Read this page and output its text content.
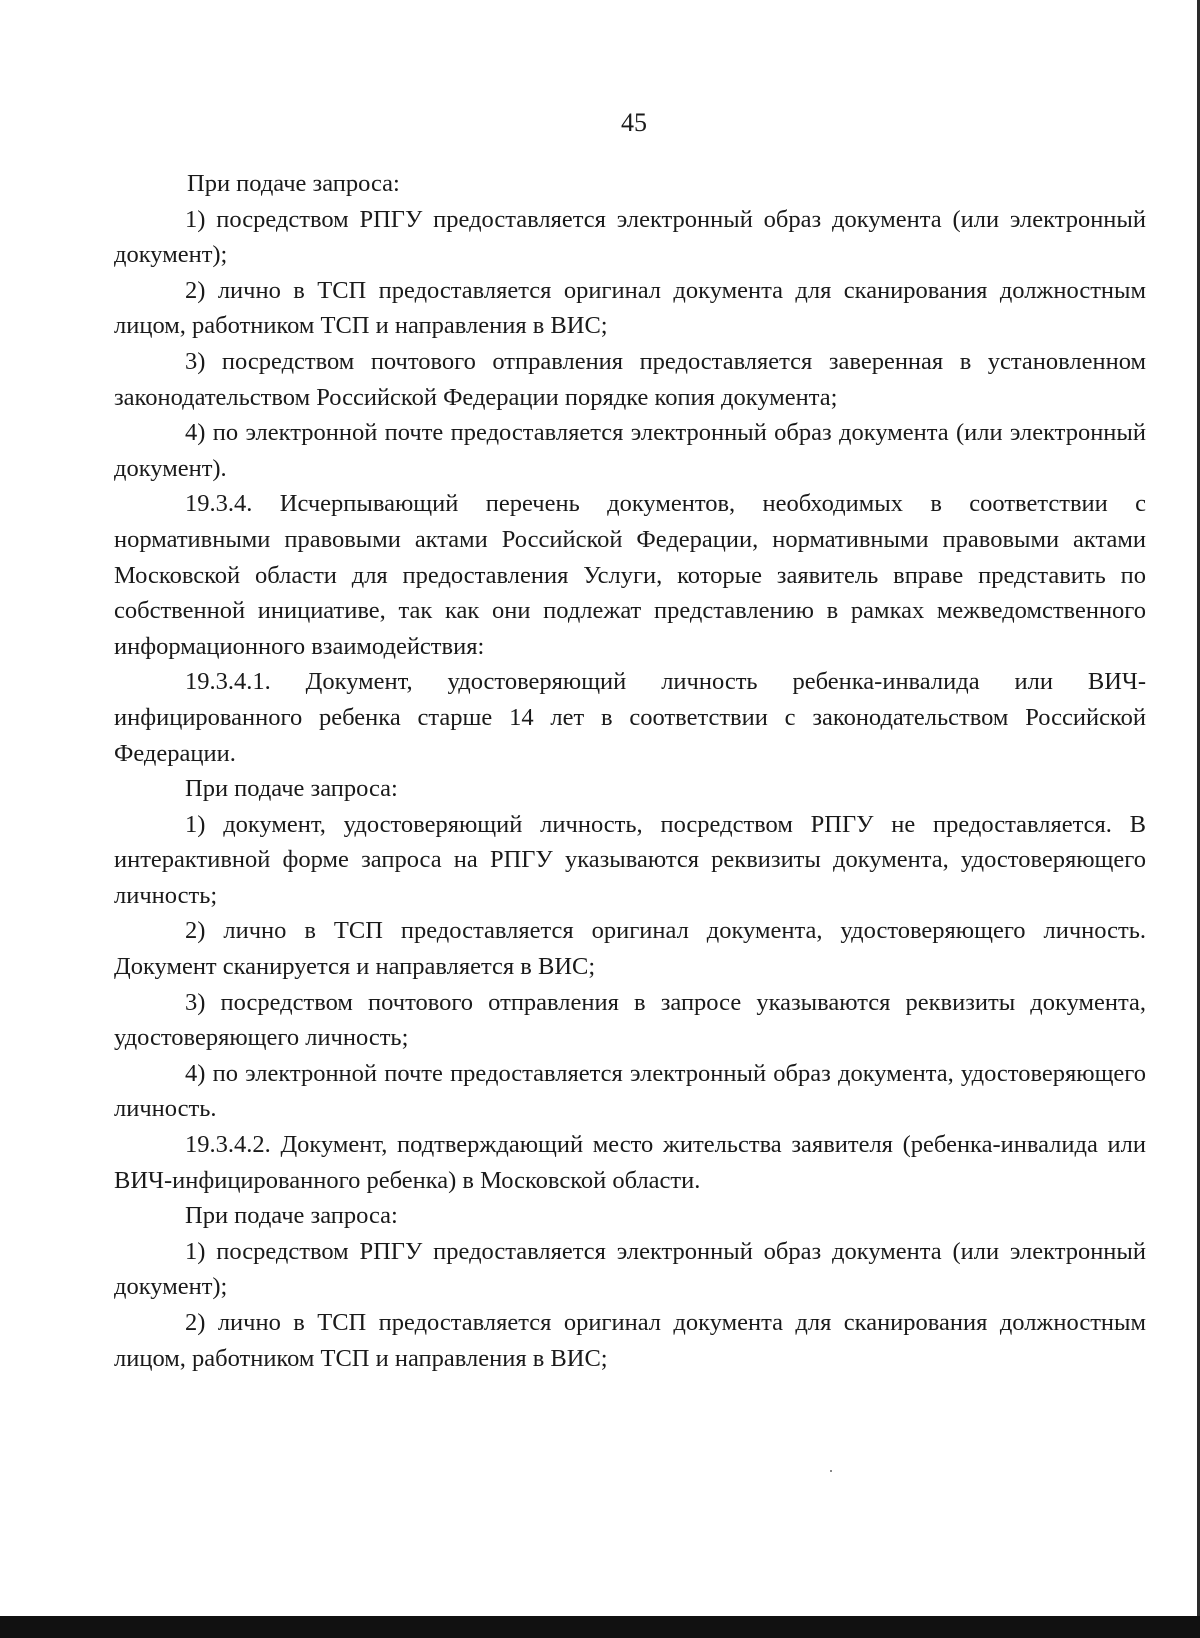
45

При подаче запроса:

1) посредством РПГУ предоставляется электронный образ документа (или электронный документ);

2) лично в ТСП предоставляется оригинал документа для сканирования должностным лицом, работником ТСП и направления в ВИС;

3) посредством почтового отправления предоставляется заверенная в установленном законодательством Российской Федерации порядке копия документа;

4) по электронной почте предоставляется электронный образ документа (или электронный документ).

19.3.4. Исчерпывающий перечень документов, необходимых в соответствии с нормативными правовыми актами Российской Федерации, нормативными правовыми актами Московской области для предоставления Услуги, которые заявитель вправе представить по собственной инициативе, так как они подлежат представлению в рамках межведомственного информационного взаимодействия:

19.3.4.1. Документ, удостоверяющий личность ребенка-инвалида или ВИЧ-инфицированного ребенка старше 14 лет в соответствии с законодательством Российской Федерации.

При подаче запроса:

1) документ, удостоверяющий личность, посредством РПГУ не предоставляется. В интерактивной форме запроса на РПГУ указываются реквизиты документа, удостоверяющего личность;

2) лично в ТСП предоставляется оригинал документа, удостоверяющего личность. Документ сканируется и направляется в ВИС;

3) посредством почтового отправления в запросе указываются реквизиты документа, удостоверяющего личность;

4) по электронной почте предоставляется электронный образ документа, удостоверяющего личность.

19.3.4.2. Документ, подтверждающий место жительства заявителя (ребенка-инвалида или ВИЧ-инфицированного ребенка) в Московской области.

При подаче запроса:

1) посредством РПГУ предоставляется электронный образ документа (или электронный документ);

2) лично в ТСП предоставляется оригинал документа для сканирования должностным лицом, работником ТСП и направления в ВИС;
